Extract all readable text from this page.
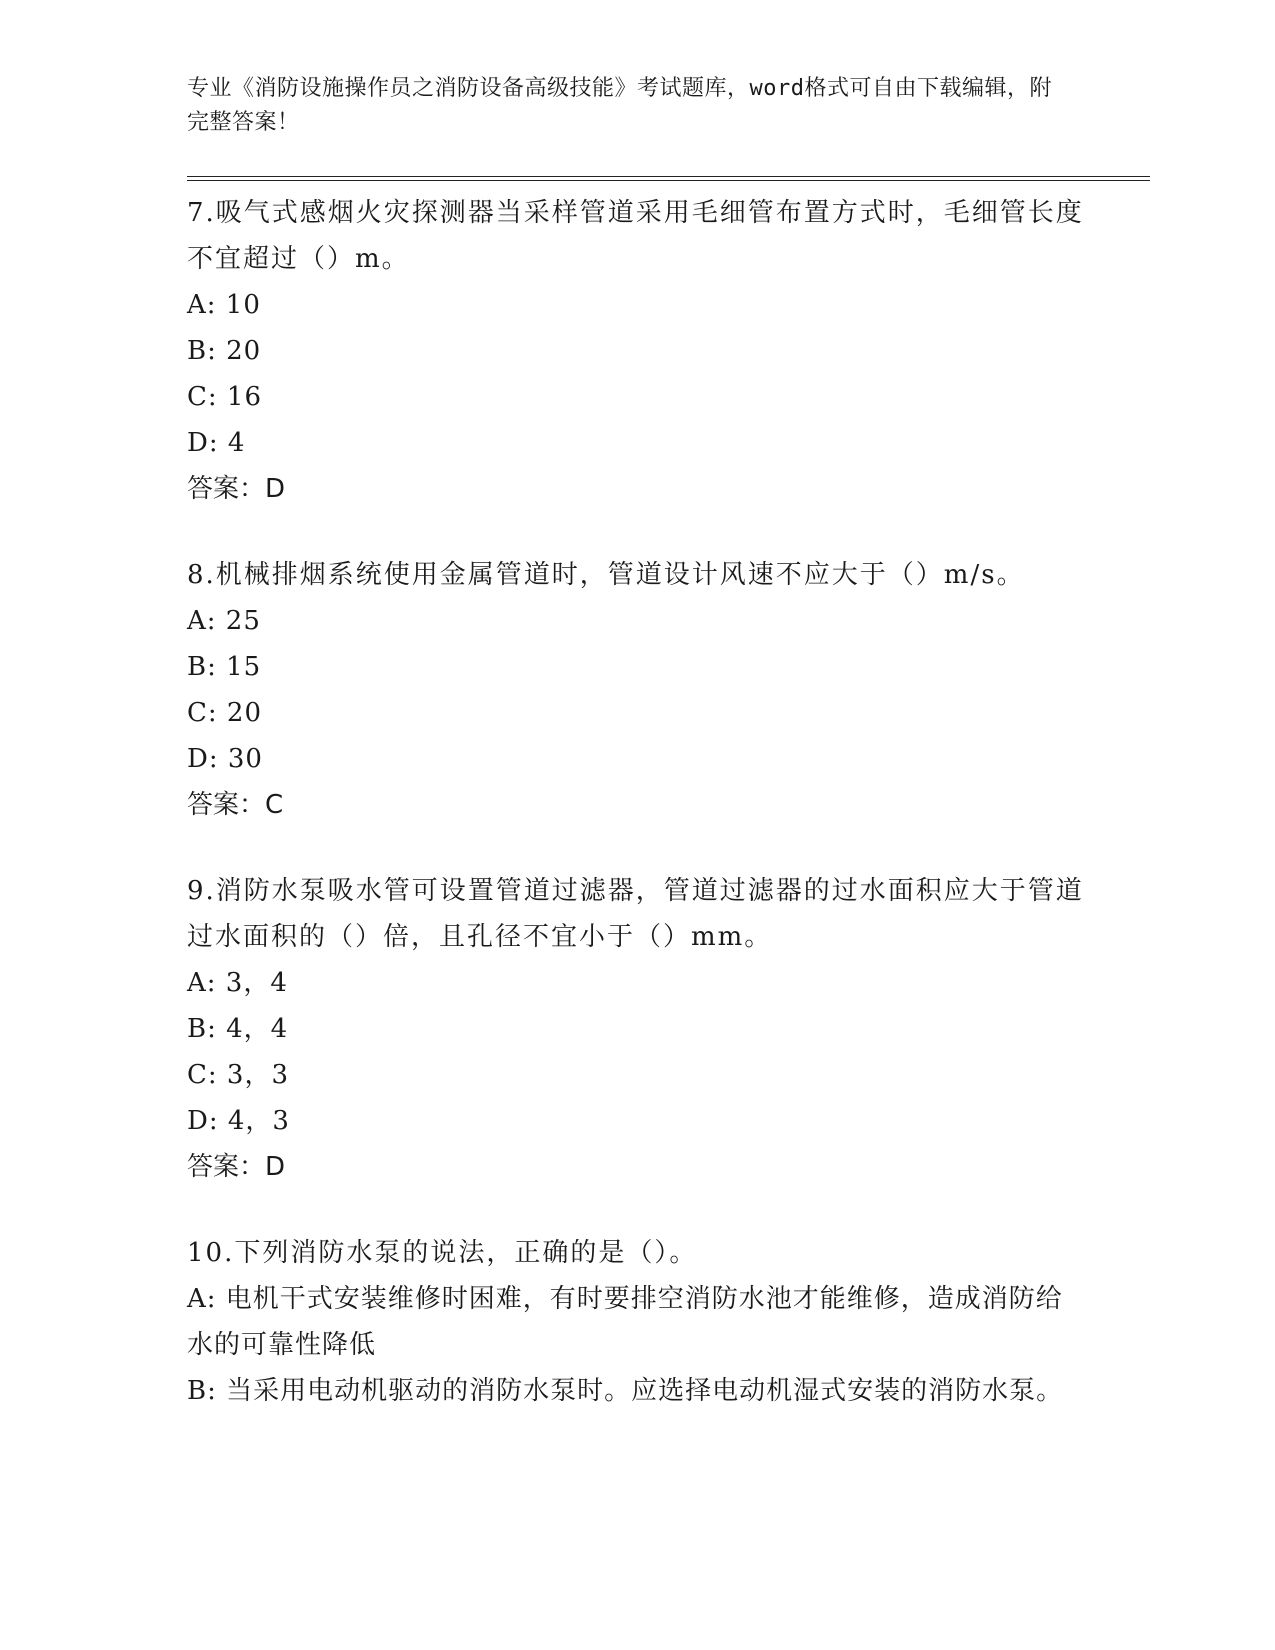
专业《消防设施操作员之消防设备高级技能》考试题库，word格式可自由下载编辑，附完整答案！

7.吸气式感烟火灾探测器当采样管道采用毛细管布置方式时，毛细管长度不宜超过（）m。

A: 10

B: 20

C: 16

D: 4

答案：D

8.机械排烟系统使用金属管道时，管道设计风速不应大于（）m/s。

A: 25

B: 15

C: 20

D: 30

答案：C

9.消防水泵吸水管可设置管道过滤器，管道过滤器的过水面积应大于管道过水面积的（）倍，且孔径不宜小于（）mm。

A: 3，4

B: 4，4

C: 3，3

D: 4，3

答案：D

10.下列消防水泵的说法，正确的是（）。

A: 电机干式安装维修时困难，有时要排空消防水池才能维修，造成消防给水的可靠性降低

B: 当采用电动机驱动的消防水泵时。应选择电动机湿式安装的消防水泵。
